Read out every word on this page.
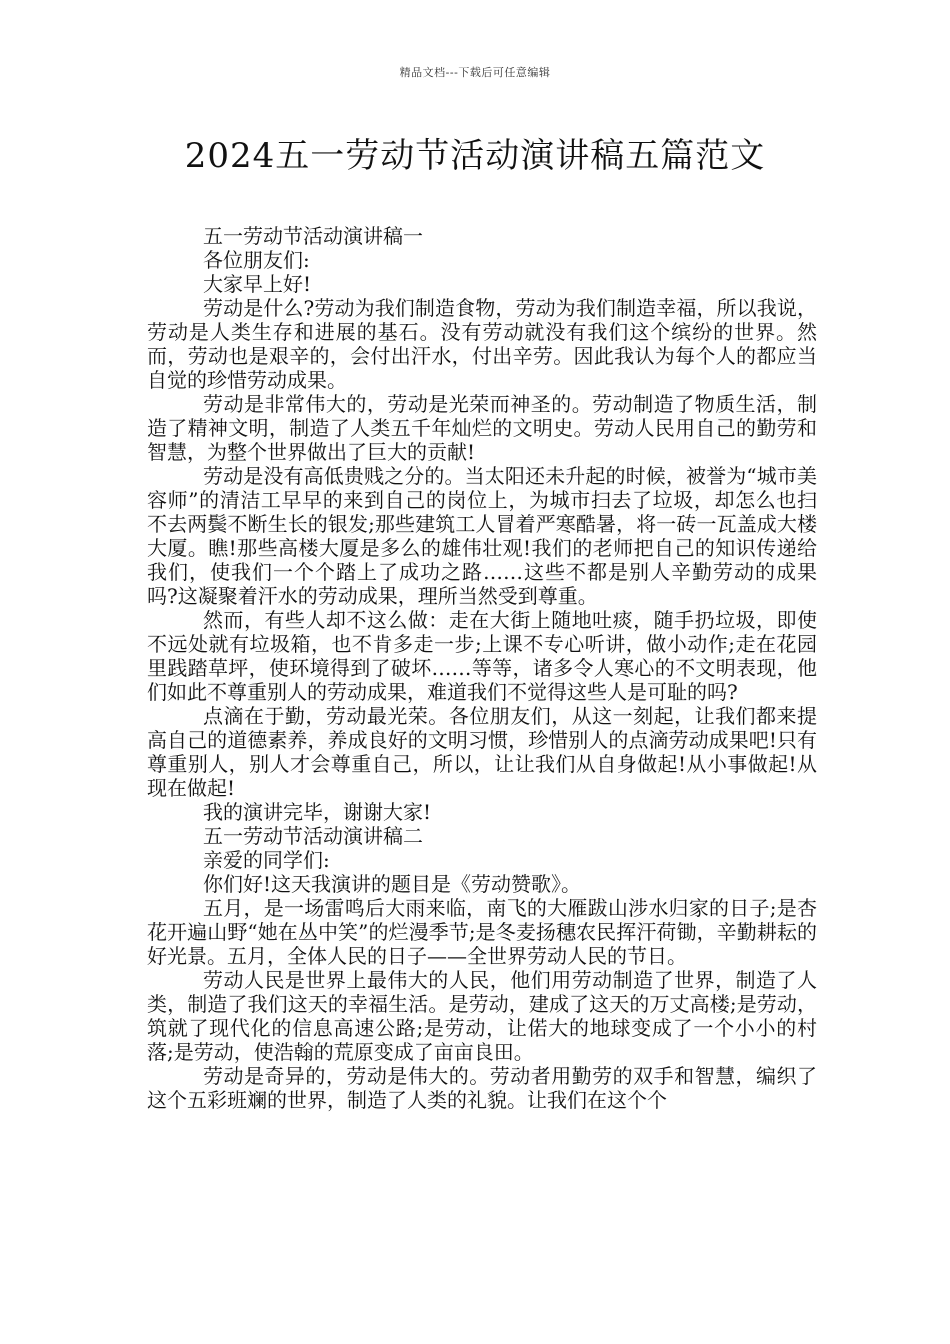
精品文档---下载后可任意编辑
2024五一劳动节活动演讲稿五篇范文

五一劳动节活动演讲稿一

各位朋友们:

大家早上好!

劳动是什么?劳动为我们制造食物，劳动为我们制造幸福，所以我说，劳动是人类生存和进展的基石。没有劳动就没有我们这个缤纷的世界。然而，劳动也是艰辛的，会付出汗水，付出辛劳。因此我认为每个人的都应当自觉的珍惜劳动成果。

劳动是非常伟大的，劳动是光荣而神圣的。劳动制造了物质生活，制造了精神文明，制造了人类五千年灿烂的文明史。劳动人民用自己的勤劳和智慧，为整个世界做出了巨大的贡献!

劳动是没有高低贵贱之分的。当太阳还未升起的时候，被誉为“城市美容师”的清洁工早早的来到自己的岗位上，为城市扫去了垃圾，却怎么也扫不去两鬓不断生长的银发;那些建筑工人冒着严寒酷暑，将一砖一瓦盖成大楼大厦。瞧!那些高楼大厦是多么的雄伟壮观!我们的老师把自己的知识传递给我们，使我们一个个踏上了成功之路……这些不都是别人辛勤劳动的成果吗?这凝聚着汗水的劳动成果，理所当然受到尊重。

然而，有些人却不这么做：走在大街上随地吐痰，随手扔垃圾，即使不远处就有垃圾箱，也不肯多走一步;上课不专心听讲，做小动作;走在花园里践踏草坪，使环境得到了破坏……等等，诸多令人寒心的不文明表现，他们如此不尊重别人的劳动成果，难道我们不觉得这些人是可耻的吗?

点滴在于勤，劳动最光荣。各位朋友们，从这一刻起，让我们都来提高自己的道德素养，养成良好的文明习惯，珍惜别人的点滴劳动成果吧!只有尊重别人，别人才会尊重自己，所以，让让我们从自身做起!从小事做起!从现在做起!

我的演讲完毕，谢谢大家!

五一劳动节活动演讲稿二

亲爱的同学们:

你们好!这天我演讲的题目是《劳动赞歌》。

五月，是一场雷鸣后大雨来临，南飞的大雁跋山涉水归家的日子;是杏花开遍山野“她在丛中笑”的烂漫季节;是冬麦扬穗农民挥汗荷锄，辛勤耕耘的好光景。五月，全体人民的日子——全世界劳动人民的节日。

劳动人民是世界上最伟大的人民，他们用劳动制造了世界，制造了人类，制造了我们这天的幸福生活。是劳动，建成了这天的万丈高楼;是劳动，筑就了现代化的信息高速公路;是劳动，让偌大的地球变成了一个小小的村落;是劳动，使浩翰的荒原变成了亩亩良田。

劳动是奇异的，劳动是伟大的。劳动者用勤劳的双手和智慧，编织了这个五彩班斓的世界，制造了人类的礼貌。让我们在这个个
